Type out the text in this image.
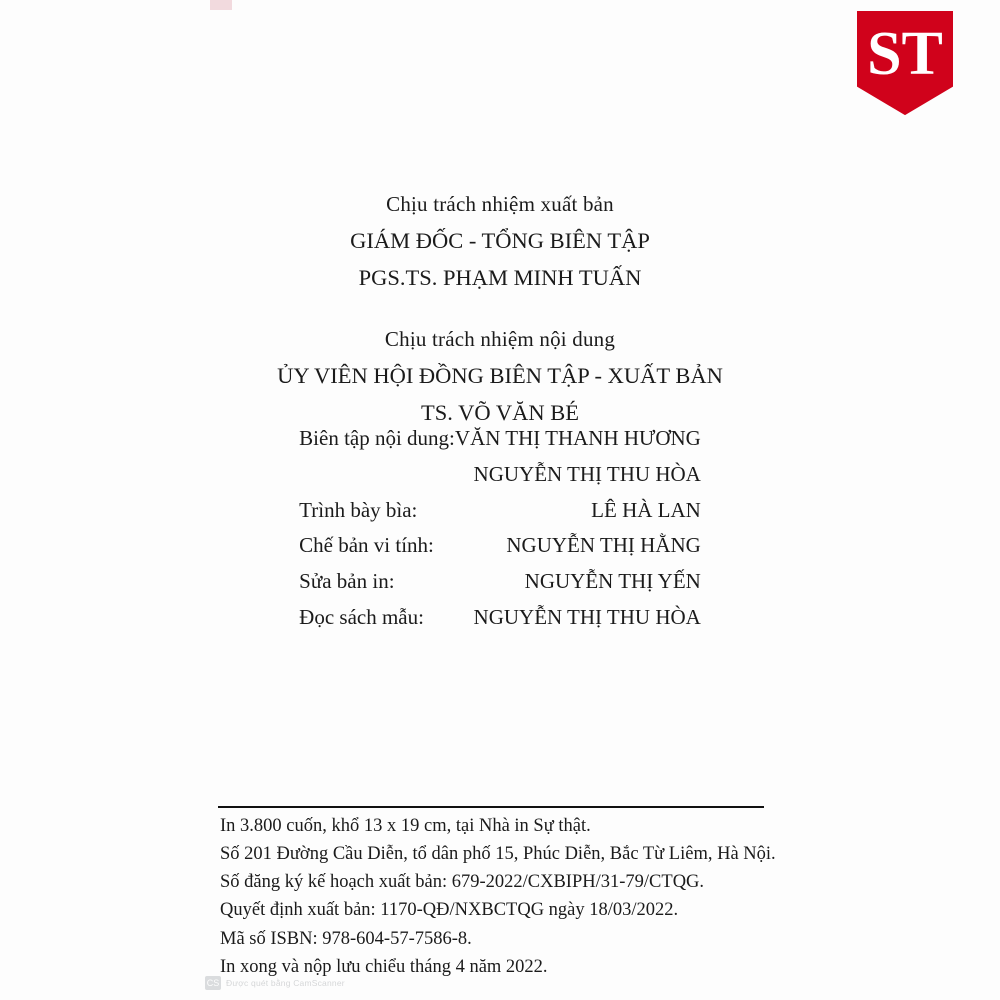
ST

Chịu trách nhiệm xuất bản

GIÁM ĐỐC - TỔNG BIÊN TẬP

PGS.TS. PHẠM MINH TUẤN

Chịu trách nhiệm nội dung

ỦY VIÊN HỘI ĐỒNG BIÊN TẬP - XUẤT BẢN

TS. VÕ VĂN BÉ

Biên tập nội dung:	VĂN THỊ THANH HƯƠNG
	NGUYỄN THỊ THU HÒA
Trình bày bìa:	LÊ HÀ LAN
Chế bản vi tính:	NGUYỄN THỊ HẰNG
Sửa bản in:	NGUYỄN THỊ YẾN
Đọc sách mẫu:	NGUYỄN THỊ THU HÒA

In 3.800 cuốn, khổ 13 x 19 cm, tại Nhà in Sự thật.

Số 201 Đường Cầu Diễn, tổ dân phố 15, Phúc Diễn, Bắc Từ Liêm, Hà Nội.

Số đăng ký kế hoạch xuất bản: 679-2022/CXBIPH/31-79/CTQG.

Quyết định xuất bản: 1170-QĐ/NXBCTQG ngày 18/03/2022.

Mã số ISBN: 978-604-57-7586-8.

In xong và nộp lưu chiểu tháng 4 năm 2022.

CS Được quét bằng CamScanner
